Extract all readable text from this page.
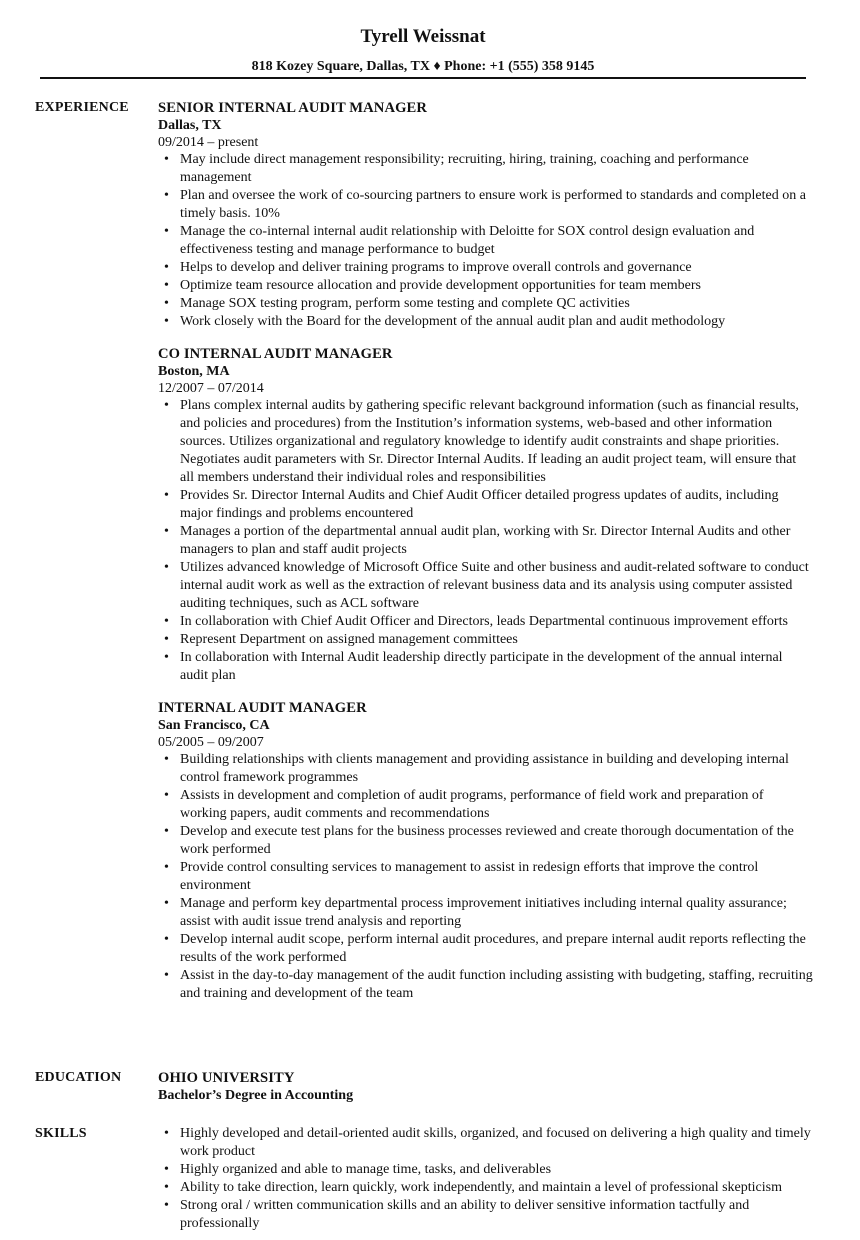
Tyrell Weissnat
818 Kozey Square, Dallas, TX ♦ Phone: +1 (555) 358 9145
EXPERIENCE SENIOR INTERNAL AUDIT MANAGER
Dallas, TX
09/2014 – present
• May include direct management responsibility; recruiting, hiring, training, coaching and performance management
• Plan and oversee the work of co-sourcing partners to ensure work is performed to standards and completed on a timely basis. 10%
• Manage the co-internal internal audit relationship with Deloitte for SOX control design evaluation and effectiveness testing and manage performance to budget
• Helps to develop and deliver training programs to improve overall controls and governance
• Optimize team resource allocation and provide development opportunities for team members
• Manage SOX testing program, perform some testing and complete QC activities
• Work closely with the Board for the development of the annual audit plan and audit methodology
CO INTERNAL AUDIT MANAGER
Boston, MA
12/2007 – 07/2014
• Plans complex internal audits by gathering specific relevant background information (such as financial results, and policies and procedures) from the Institution’s information systems, web-based and other information sources. Utilizes organizational and regulatory knowledge to identify audit constraints and shape priorities. Negotiates audit parameters with Sr. Director Internal Audits. If leading an audit project team, will ensure that all members understand their individual roles and responsibilities
• Provides Sr. Director Internal Audits and Chief Audit Officer detailed progress updates of audits, including major findings and problems encountered
• Manages a portion of the departmental annual audit plan, working with Sr. Director Internal Audits and other managers to plan and staff audit projects
• Utilizes advanced knowledge of Microsoft Office Suite and other business and audit-related software to conduct internal audit work as well as the extraction of relevant business data and its analysis using computer assisted auditing techniques, such as ACL software
• In collaboration with Chief Audit Officer and Directors, leads Departmental continuous improvement efforts
• Represent Department on assigned management committees
• In collaboration with Internal Audit leadership directly participate in the development of the annual internal audit plan
INTERNAL AUDIT MANAGER
San Francisco, CA
05/2005 – 09/2007
• Building relationships with clients management and providing assistance in building and developing internal control framework programmes
• Assists in development and completion of audit programs, performance of field work and preparation of working papers, audit comments and recommendations
• Develop and execute test plans for the business processes reviewed and create thorough documentation of the work performed
• Provide control consulting services to management to assist in redesign efforts that improve the control environment
• Manage and perform key departmental process improvement initiatives including internal quality assurance; assist with audit issue trend analysis and reporting
• Develop internal audit scope, perform internal audit procedures, and prepare internal audit reports reflecting the results of the work performed
• Assist in the day-to-day management of the audit function including assisting with budgeting, staffing, recruiting and training and development of the team
EDUCATION	OHIO UNIVERSITY
Bachelor’s Degree in Accounting
SKILLS
•	Highly developed and detail-oriented audit skills, organized, and focused on delivering a high quality and timely work product
• Highly organized and able to manage time, tasks, and deliverables
• Ability to take direction, learn quickly, work independently, and maintain a level of professional skepticism
• Strong oral / written communication skills and an ability to deliver sensitive information tactfully and professionally
